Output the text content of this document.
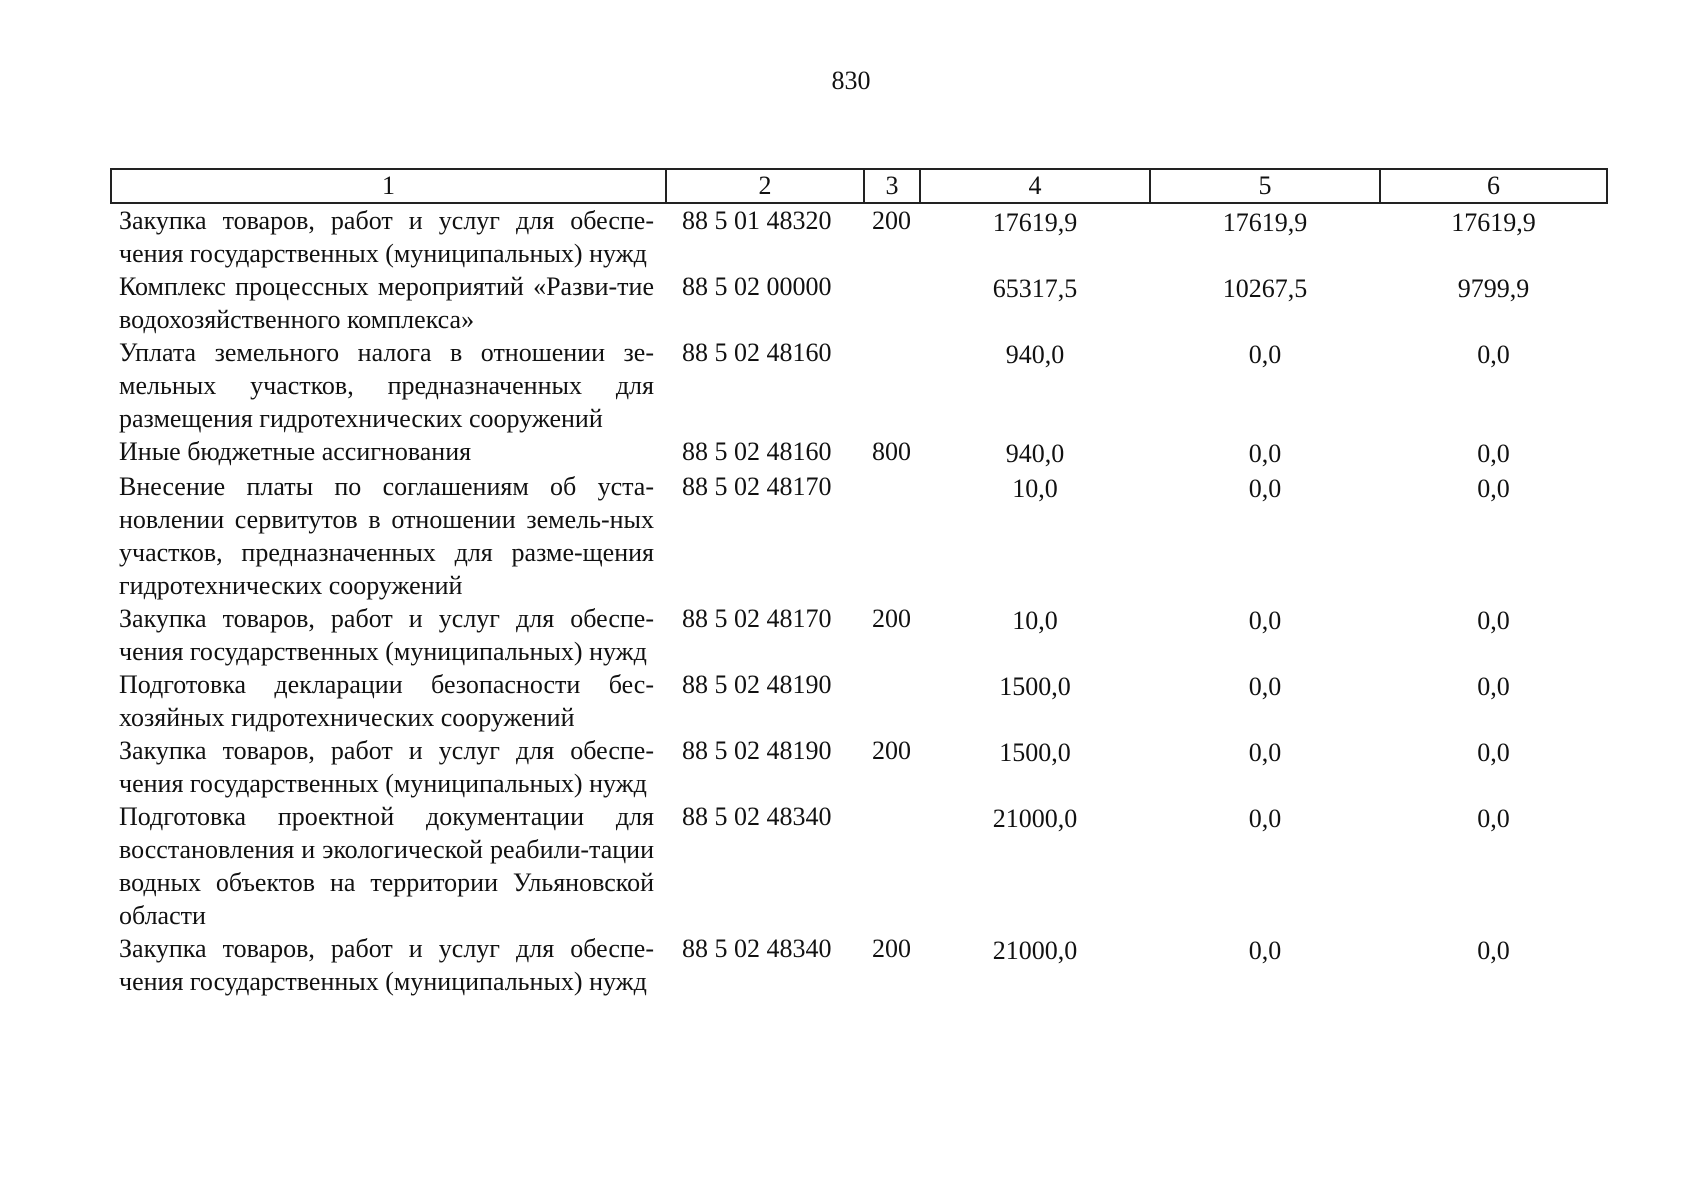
830
1	2	3	4	5	6
Закупка товаров, работ и услуг для обеспе-чения государственных (муниципальных) нужд	88 5 01 48320	200	17619,9	17619,9	17619,9
Комплекс процессных мероприятий «Разви-тие водохозяйственного комплекса»	88 5 02 00000		65317,5	10267,5	9799,9
Уплата земельного налога в отношении зе-мельных участков, предназначенных для размещения гидротехнических сооружений	88 5 02 48160		940,0	0,0	0,0
Иные бюджетные ассигнования	88 5 02 48160	800	940,0	0,0	0,0
Внесение платы по соглашениям об уста-новлении сервитутов в отношении земель-ных участков, предназначенных для разме-щения гидротехнических сооружений	88 5 02 48170		10,0	0,0	0,0
Закупка товаров, работ и услуг для обеспе-чения государственных (муниципальных) нужд	88 5 02 48170	200	10,0	0,0	0,0
Подготовка декларации безопасности бес-хозяйных гидротехнических сооружений	88 5 02 48190		1500,0	0,0	0,0
Закупка товаров, работ и услуг для обеспе-чения государственных (муниципальных) нужд	88 5 02 48190	200	1500,0	0,0	0,0
Подготовка проектной документации для восстановления и экологической реабили-тации водных объектов на территории Ульяновской области	88 5 02 48340		21000,0	0,0	0,0
Закупка товаров, работ и услуг для обеспе-чения государственных (муниципальных) нужд	88 5 02 48340	200	21000,0	0,0	0,0
